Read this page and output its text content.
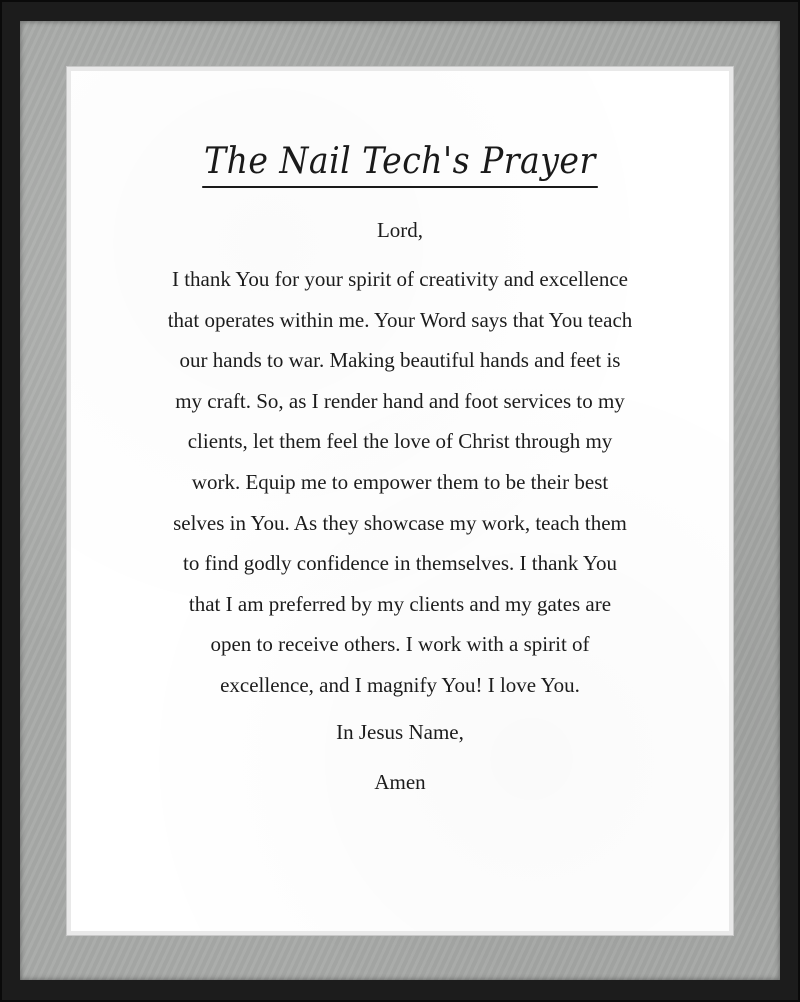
The Nail Tech's Prayer
Lord,
I thank You for your spirit of creativity and excellence
that operates within me. Your Word says that You teach
our hands to war. Making beautiful hands and feet is
my craft. So, as I render hand and foot services to my
clients, let them feel the love of Christ through my
work. Equip me to empower them to be their best
selves in You. As they showcase my work, teach them
to find godly confidence in themselves. I thank You
that I am preferred by my clients and my gates are
open to receive others. I work with a spirit of
excellence, and I magnify You! I love You.
In Jesus Name,
Amen
